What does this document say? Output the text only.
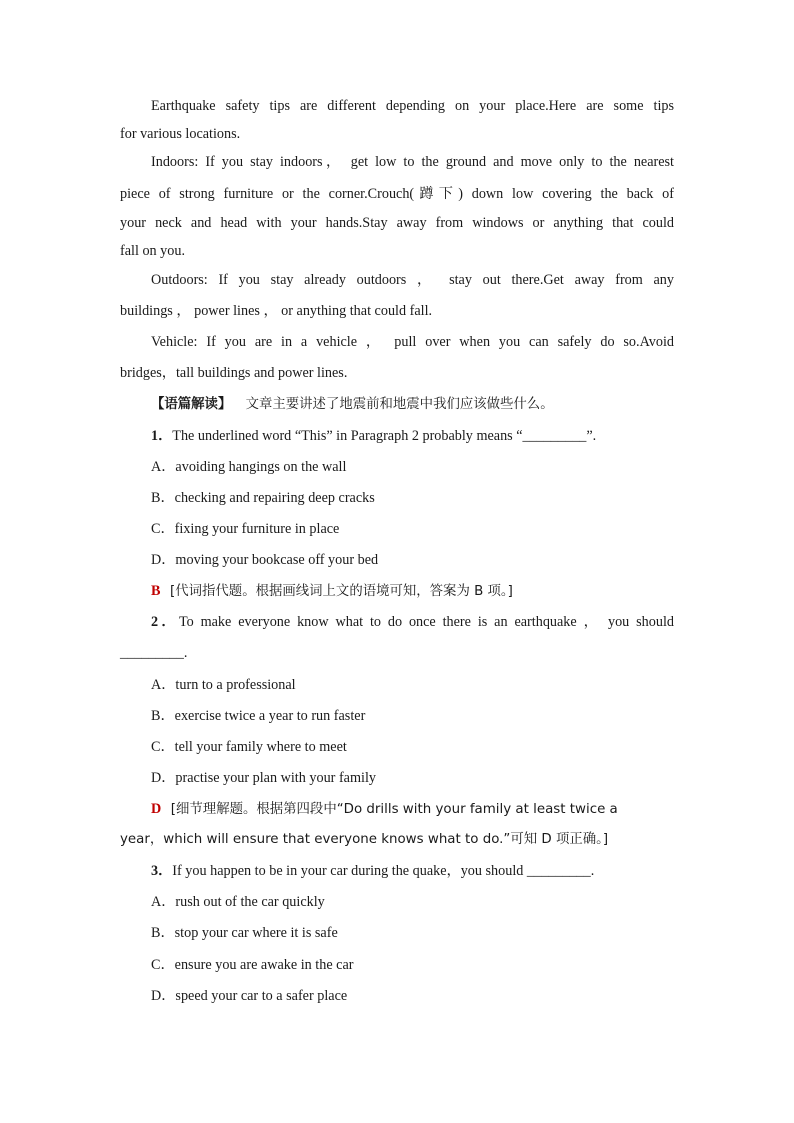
Earthquake safety tips are different depending on your place.Here are some tips

for various locations.

Indoors: If you stay indoors， get low to the ground and move only to the nearest

piece of strong furniture or the corner.Crouch(蹲下) down low covering the back of

your neck and head with your hands.Stay away from windows or anything that could

fall on you.

Outdoors: If you stay already outdoors ， stay out there.Get away from any

buildings ， power lines ， or anything that could fall.

Vehicle: If you are in a vehicle ， pull over when you can safely do so.Avoid

bridges，tall buildings and power lines.

【语篇解读】 文章主要讲述了地震前和地震中我们应该做些什么。

1．The underlined word “This” in Paragraph 2 probably means “_________”.

A．avoiding hangings on the wall

B．checking and repairing deep cracks

C．fixing your furniture in place

D．moving your bookcase off your bed

B [代词指代题。根据画线词上文的语境可知，答案为 B 项。]

2．To make everyone know what to do once there is an earthquake ， you should

_________.

A．turn to a professional

B．exercise twice a year to run faster

C．tell your family where to meet

D．practise your plan with your family

D [细节理解题。根据第四段中“Do drills with your family at least twice a

year，which will ensure that everyone knows what to do.”可知 D 项正确。]

3．If you happen to be in your car during the quake，you should _________.

A．rush out of the car quickly

B．stop your car where it is safe

C．ensure you are awake in the car

D．speed your car to a safer place
